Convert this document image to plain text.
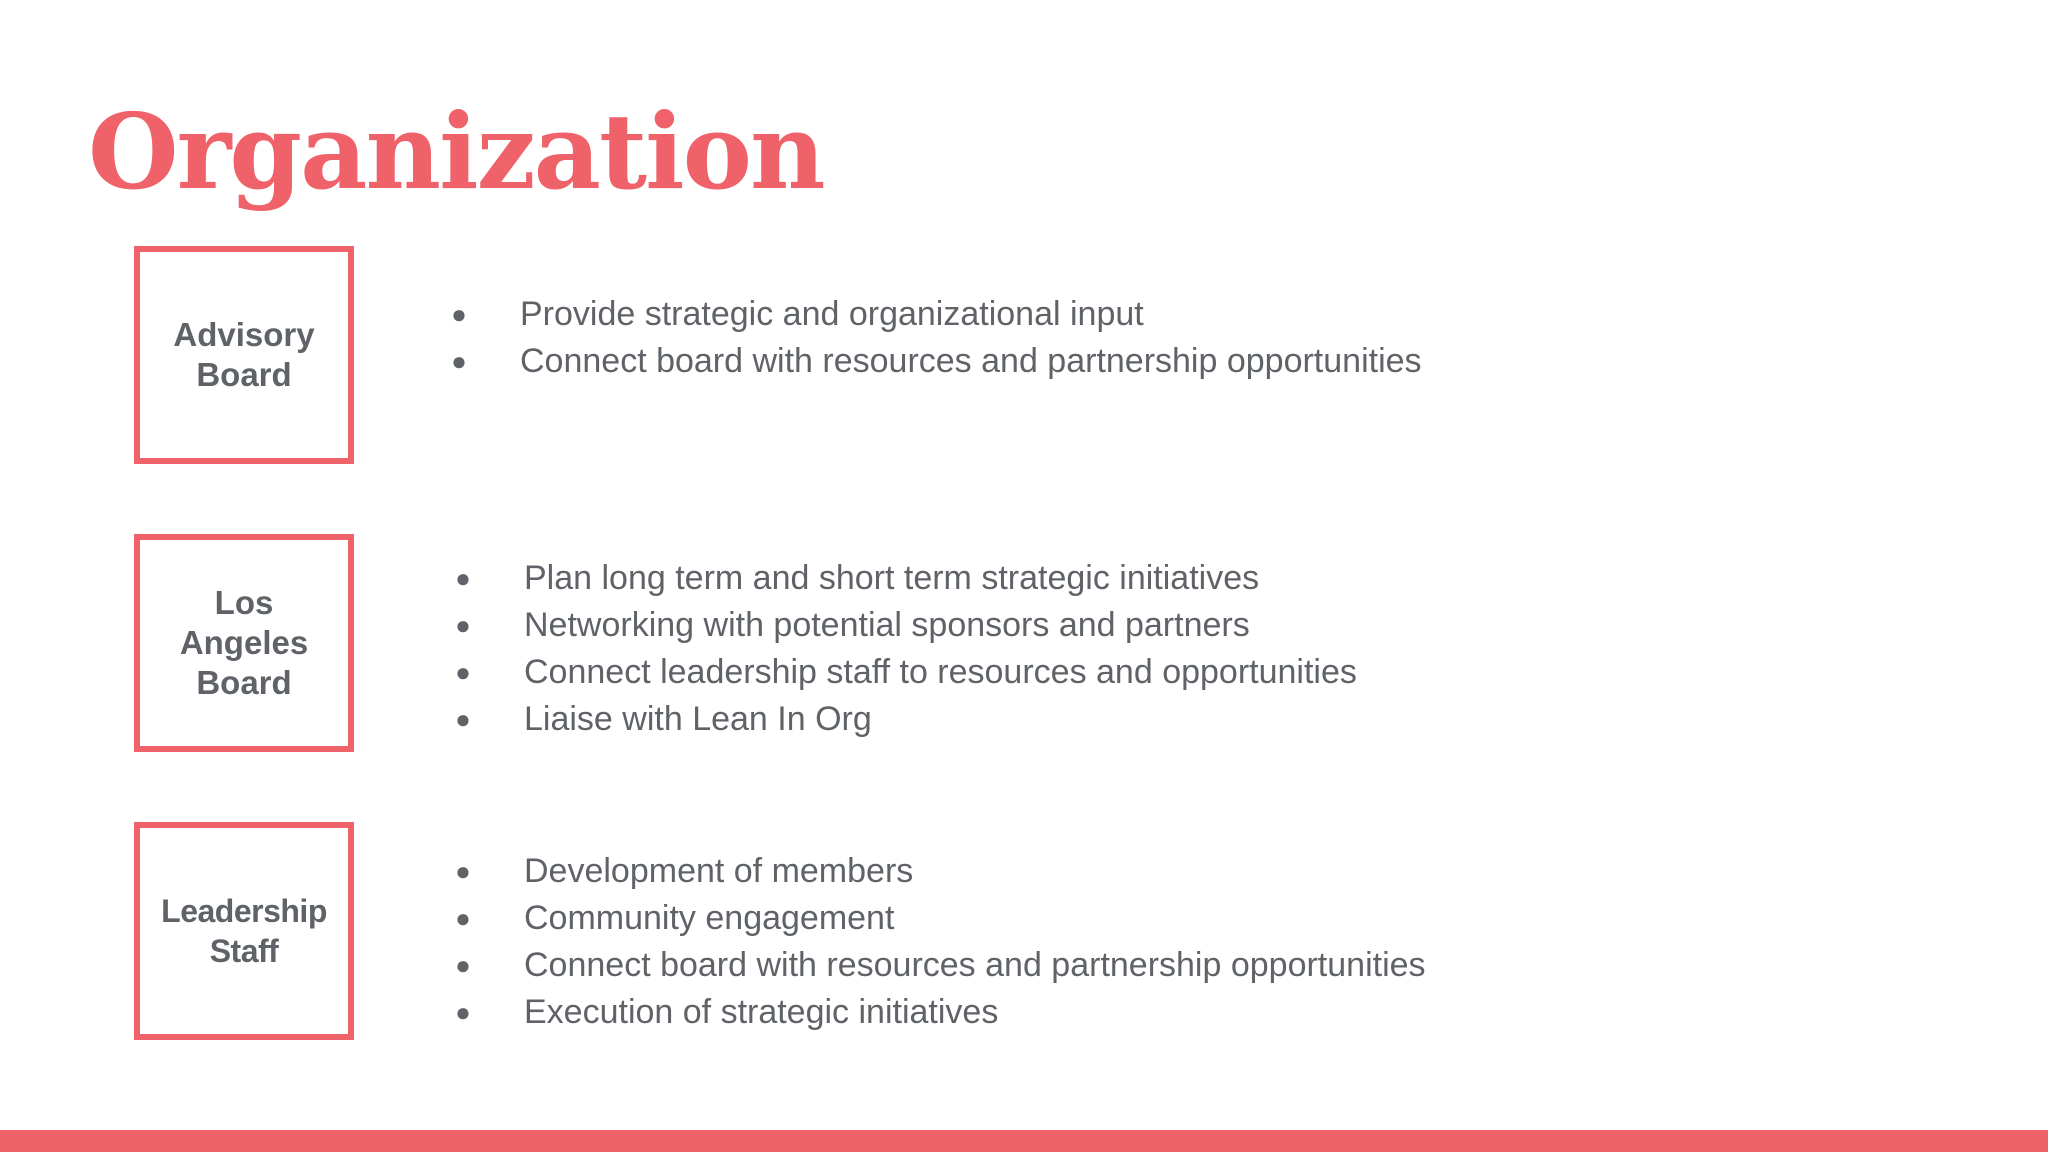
Organization
Advisory
Board
● Provide strategic and organizational input
● Connect board with resources and partnership opportunities
Los
Angeles
Board
● Plan long term and short term strategic initiatives
● Networking with potential sponsors and partners
● Connect leadership staff to resources and opportunities
● Liaise with Lean In Org
Leadership
Staff
● Development of members
● Community engagement
● Connect board with resources and partnership opportunities
● Execution of strategic initiatives
